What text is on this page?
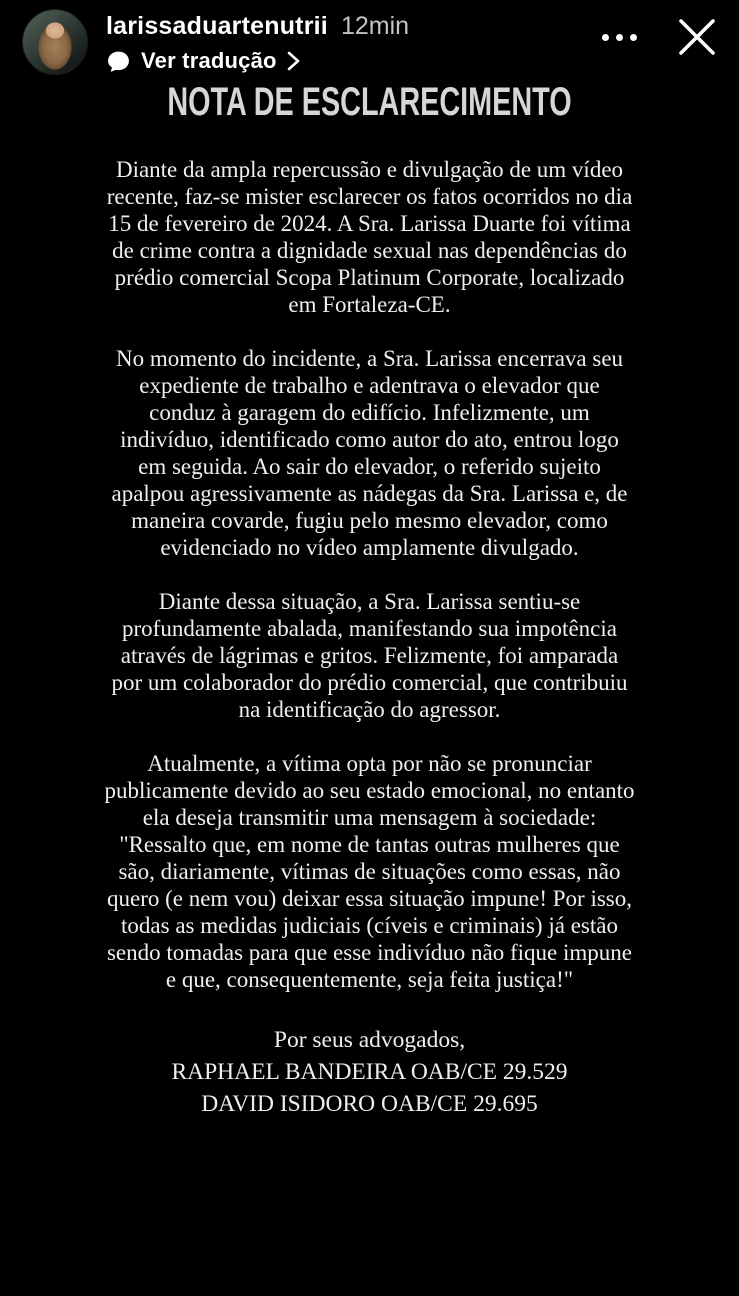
larissaduartenutrii 12min
Ver tradução
NOTA DE ESCLARECIMENTO

Diante da ampla repercussão e divulgação de um vídeo recente, faz-se mister esclarecer os fatos ocorridos no dia 15 de fevereiro de 2024. A Sra. Larissa Duarte foi vítima de crime contra a dignidade sexual nas dependências do prédio comercial Scopa Platinum Corporate, localizado em Fortaleza-CE.

No momento do incidente, a Sra. Larissa encerrava seu expediente de trabalho e adentrava o elevador que conduz à garagem do edifício. Infelizmente, um indivíduo, identificado como autor do ato, entrou logo em seguida. Ao sair do elevador, o referido sujeito apalpou agressivamente as nádegas da Sra. Larissa e, de maneira covarde, fugiu pelo mesmo elevador, como evidenciado no vídeo amplamente divulgado.

Diante dessa situação, a Sra. Larissa sentiu-se profundamente abalada, manifestando sua impotência através de lágrimas e gritos. Felizmente, foi amparada por um colaborador do prédio comercial, que contribuiu na identificação do agressor.

Atualmente, a vítima opta por não se pronunciar publicamente devido ao seu estado emocional, no entanto ela deseja transmitir uma mensagem à sociedade: "Ressalto que, em nome de tantas outras mulheres que são, diariamente, vítimas de situações como essas, não quero (e nem vou) deixar essa situação impune! Por isso, todas as medidas judiciais (cíveis e criminais) já estão sendo tomadas para que esse indivíduo não fique impune e que, consequentemente, seja feita justiça!"

Por seus advogados,
RAPHAEL BANDEIRA OAB/CE 29.529
DAVID ISIDORO OAB/CE 29.695
